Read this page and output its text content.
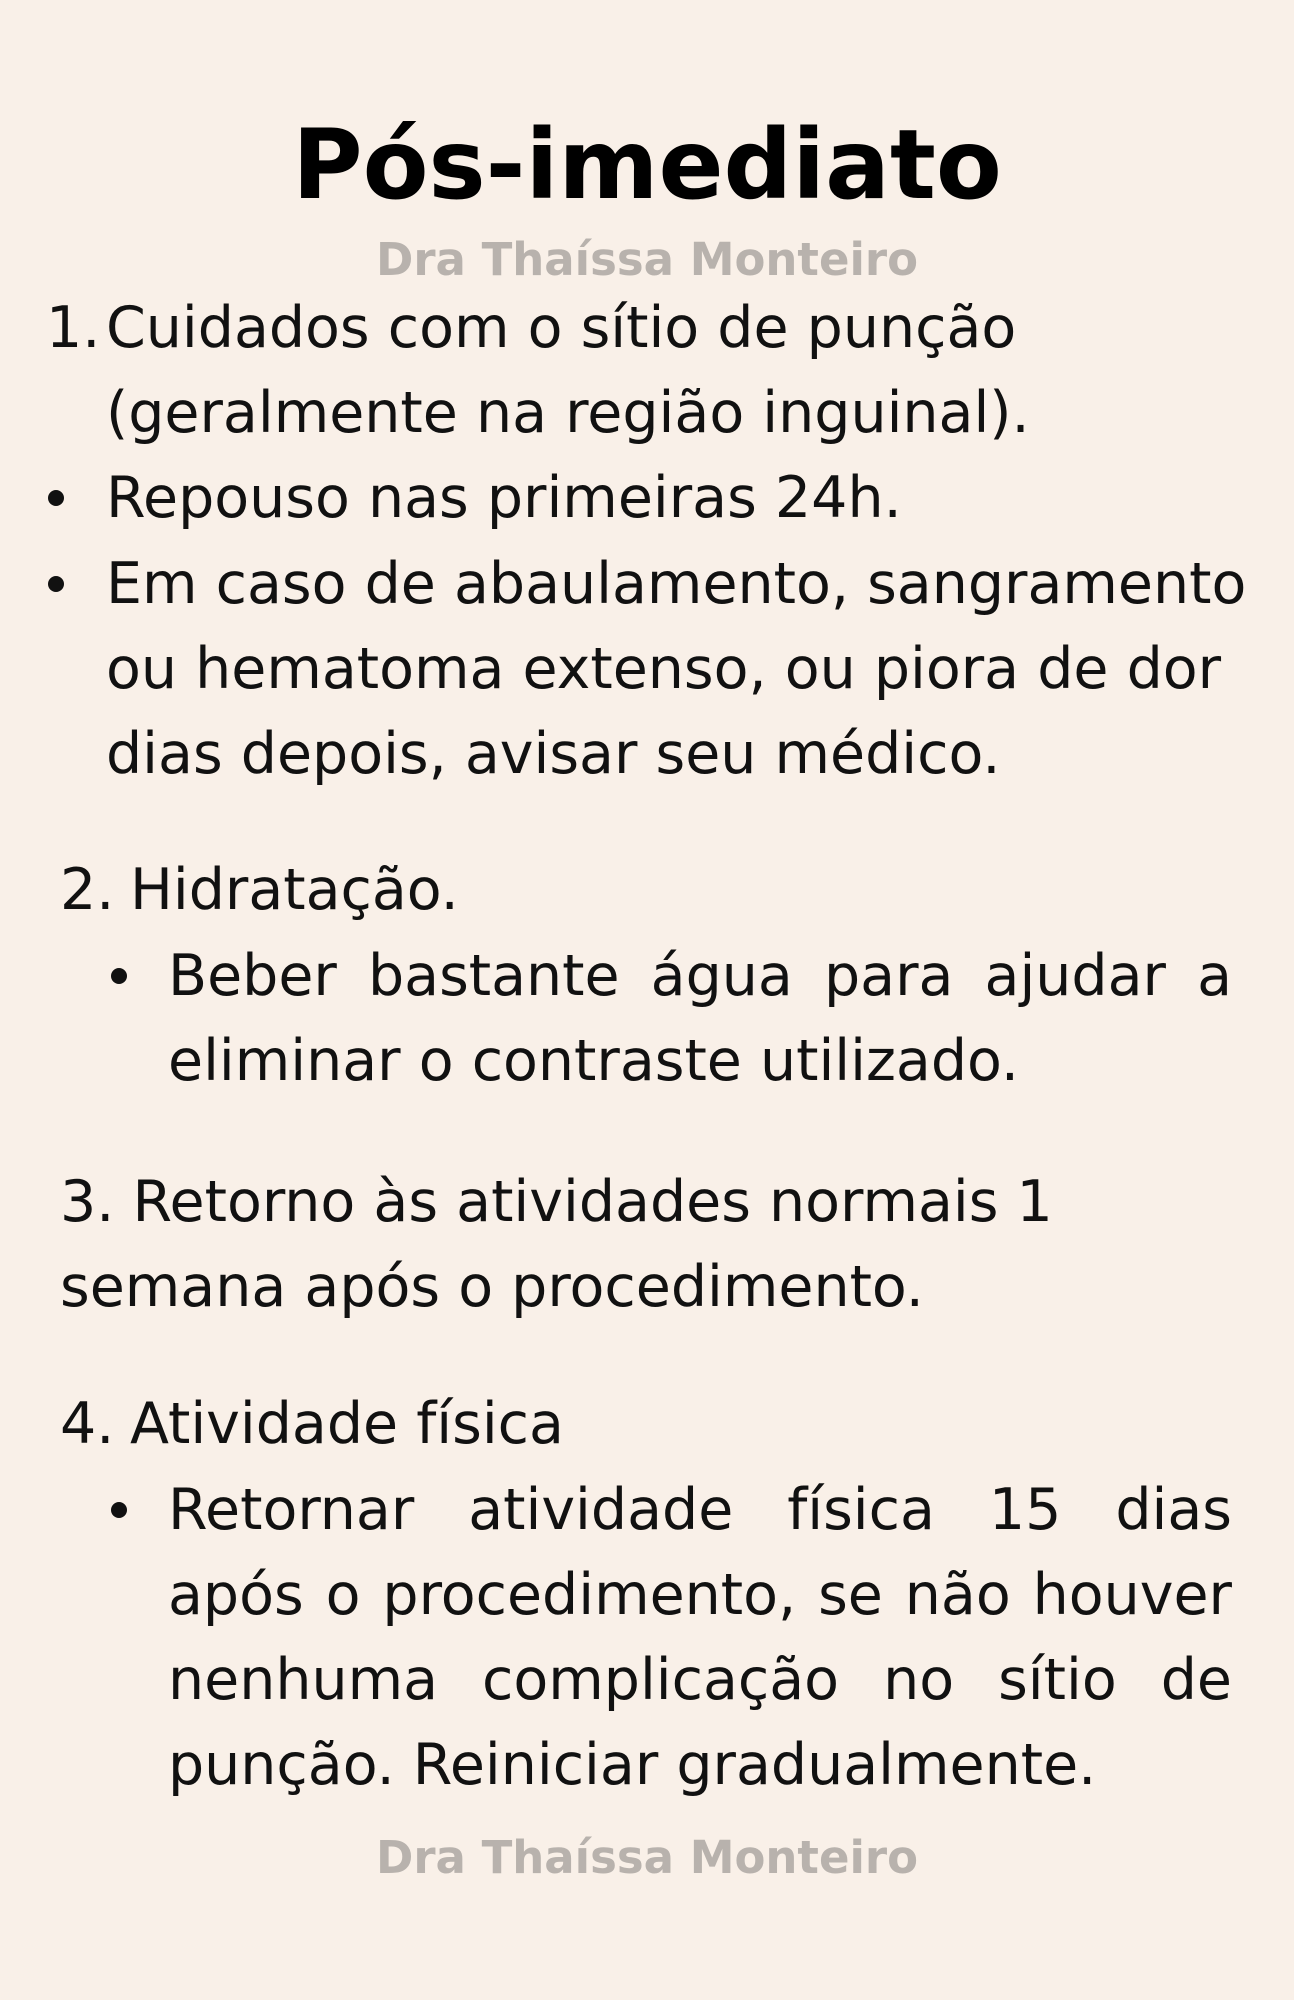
Pós-imediato
Dra Thaíssa Monteiro
1. Cuidados com o sítio de punção (geralmente na região inguinal).
Repouso nas primeiras 24h.
Em caso de abaulamento, sangramento ou hematoma extenso, ou piora de dor dias depois, avisar seu médico.
2. Hidratação.
Beber bastante água para ajudar a eliminar o contraste utilizado.
3. Retorno às atividades normais 1 semana após o procedimento.
4. Atividade física
Retornar atividade física 15 dias após o procedimento, se não houver nenhuma complicação no sítio de punção. Reiniciar gradualmente.
Dra Thaíssa Monteiro
